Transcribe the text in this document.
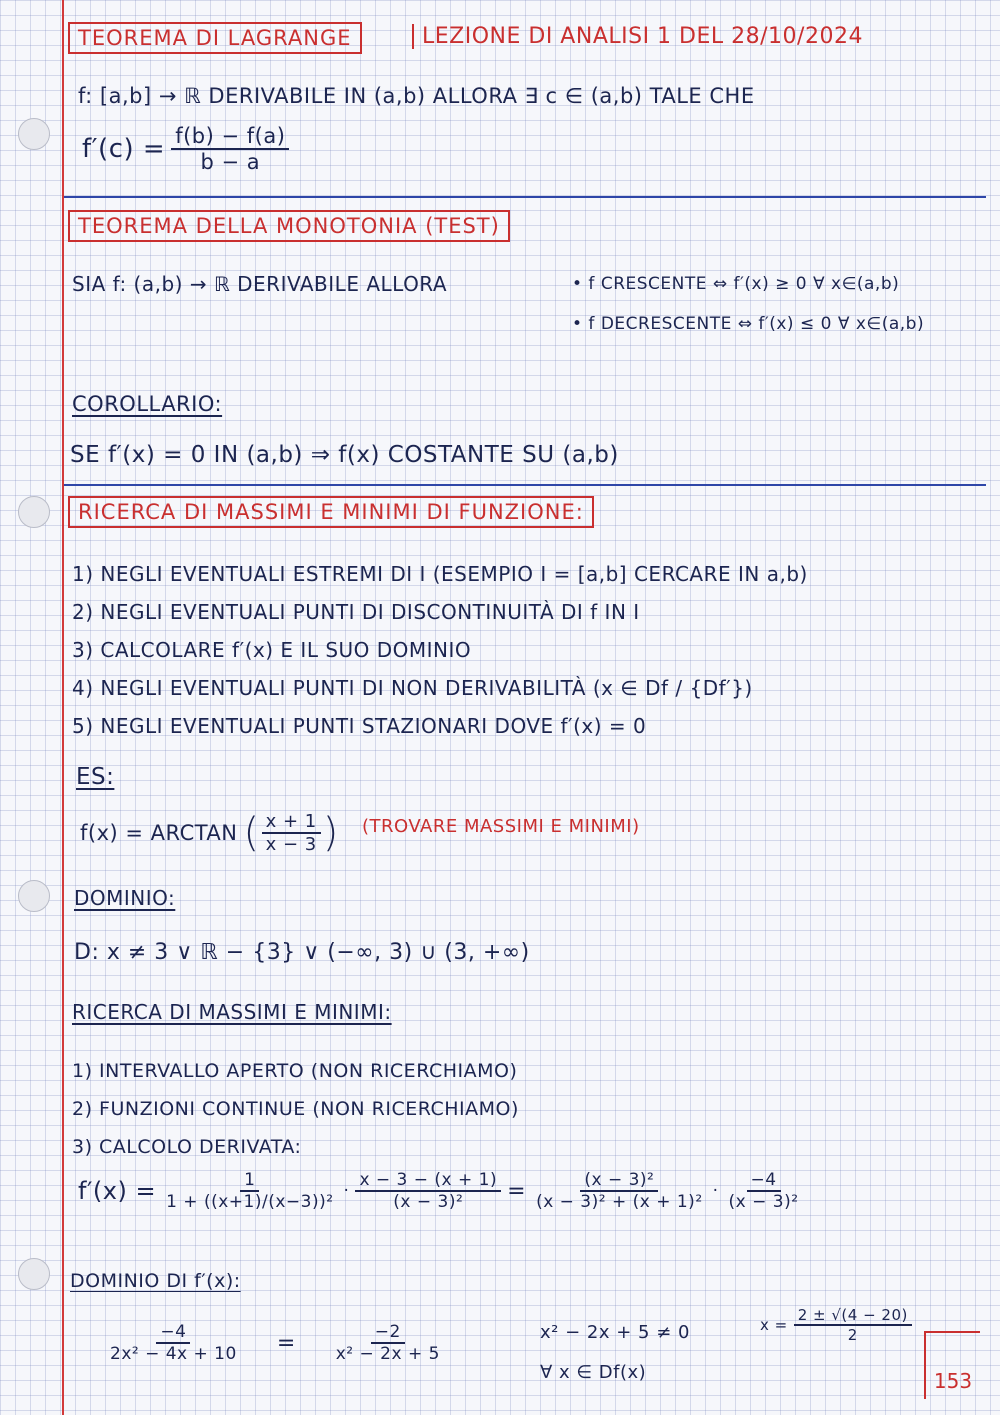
TEOREMA DI LAGRANGE	LEZIONE DI ANALISI 1 DEL 28/10/2024
f: [a,b] → ℝ DERIVABILE IN (a,b) ALLORA ∃ c ∈ (a,b) TALE CHE
$f'(c) = \frac{f(b) - f(a)}{b - a}$
TEOREMA DELLA MONOTONIA (TEST)
SIA f: (a,b) → ℝ DERIVABILE ALLORA	• f CRESCENTE ⇔ f′(x) ≥ 0 ∀ x∈(a,b)
• f DECRESCENTE ⇔ f′(x) ≤ 0 ∀ x∈(a,b)
COROLLARIO:
SE f′(x) = 0 IN (a,b) ⇒ f(x) COSTANTE SU (a,b)
RICERCA DI MASSIMI E MINIMI DI FUNZIONE:
1) NEGLI EVENTUALI ESTREMI DI I (ESEMPIO I = [a,b] CERCARE IN a,b)
2) NEGLI EVENTUALI PUNTI DI DISCONTINUITÀ DI f IN I
3) CALCOLARE f′(x) E IL SUO DOMINIO
4) NEGLI EVENTUALI PUNTI DI NON DERIVABILITÀ (x ∈ Df / {Df′})
5) NEGLI EVENTUALI PUNTI STAZIONARI DOVE f′(x) = 0
ES:
f(x) = ARCTAN ( $\frac{x + 1}{x - 3}$ ) (TROVARE MASSIMI E MINIMI)
DOMINIO:
D: x ≠ 3 ∨ ℝ − {3} ∨ (−∞, 3) ∪ (3, +∞)
RICERCA DI MASSIMI E MINIMI:
1) INTERVALLO APERTO (NON RICERCHIAMO)
2) FUNZIONI CONTINUE (NON RICERCHIAMO)
3) CALCOLO DERIVATA:
$f'(x) = \frac{1}{\text{1 + ((x+1)/(x−3))²}} \cdot \frac{x - 3 - (x + 1)}{\text{(x − 3)²}} = \frac{\text{(x − 3)²}}{\text{(x − 3)² + (x + 1)²}} \cdot \frac{-4}{\text{(x − 3)²}}$
DOMINIO DI f′(x):
$\frac{-4}{\text{2x² − 4x + 10}} = \frac{-2}{\text{x² − 2x + 5}}$	x² − 2x + 5 ≠ 0
∀ x ∈ Df(x)
$x = \frac{2 \pm √(4 - 20)}{2}$
153
